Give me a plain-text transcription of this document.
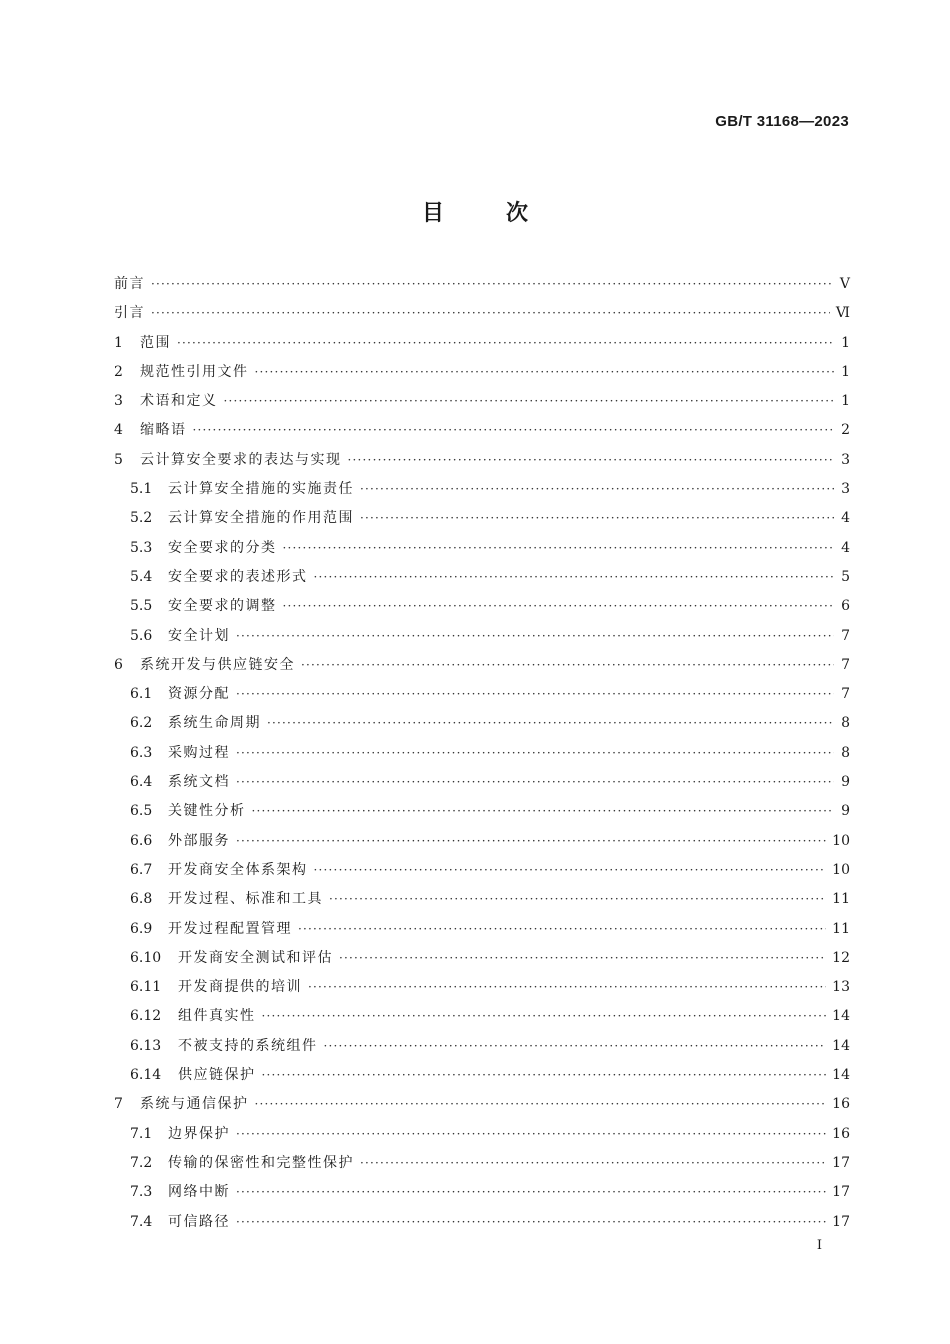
GB/T 31168—2023
目次
前言 ·····	Ⅴ
引言 ·····	Ⅵ
1	范围 ·····	1
2	规范性引用文件 ·····	1
3	术语和定义 ·····	1
4	缩略语 ·····	2
5	云计算安全要求的表达与实现 ·····	3
5.1	云计算安全措施的实施责任 ·····	3
5.2	云计算安全措施的作用范围 ·····	4
5.3	安全要求的分类 ·····	4
5.4	安全要求的表述形式 ·····	5
5.5	安全要求的调整 ·····	6
5.6	安全计划 ·····	7
6	系统开发与供应链安全 ·····	7
6.1	资源分配 ·····	7
6.2	系统生命周期 ·····	8
6.3	采购过程 ·····	8
6.4	系统文档 ·····	9
6.5	关键性分析 ·····	9
6.6	外部服务 ·····	10
6.7	开发商安全体系架构 ·····	10
6.8	开发过程、标准和工具 ·····	11
6.9	开发过程配置管理 ·····	11
6.10	开发商安全测试和评估 ·····	12
6.11	开发商提供的培训 ·····	13
6.12	组件真实性 ·····	14
6.13	不被支持的系统组件 ·····	14
6.14	供应链保护 ·····	14
7	系统与通信保护 ·····	16
7.1	边界保护 ·····	16
7.2	传输的保密性和完整性保护 ·····	17
7.3	网络中断 ·····	17
7.4	可信路径 ·····	17
Ⅰ
